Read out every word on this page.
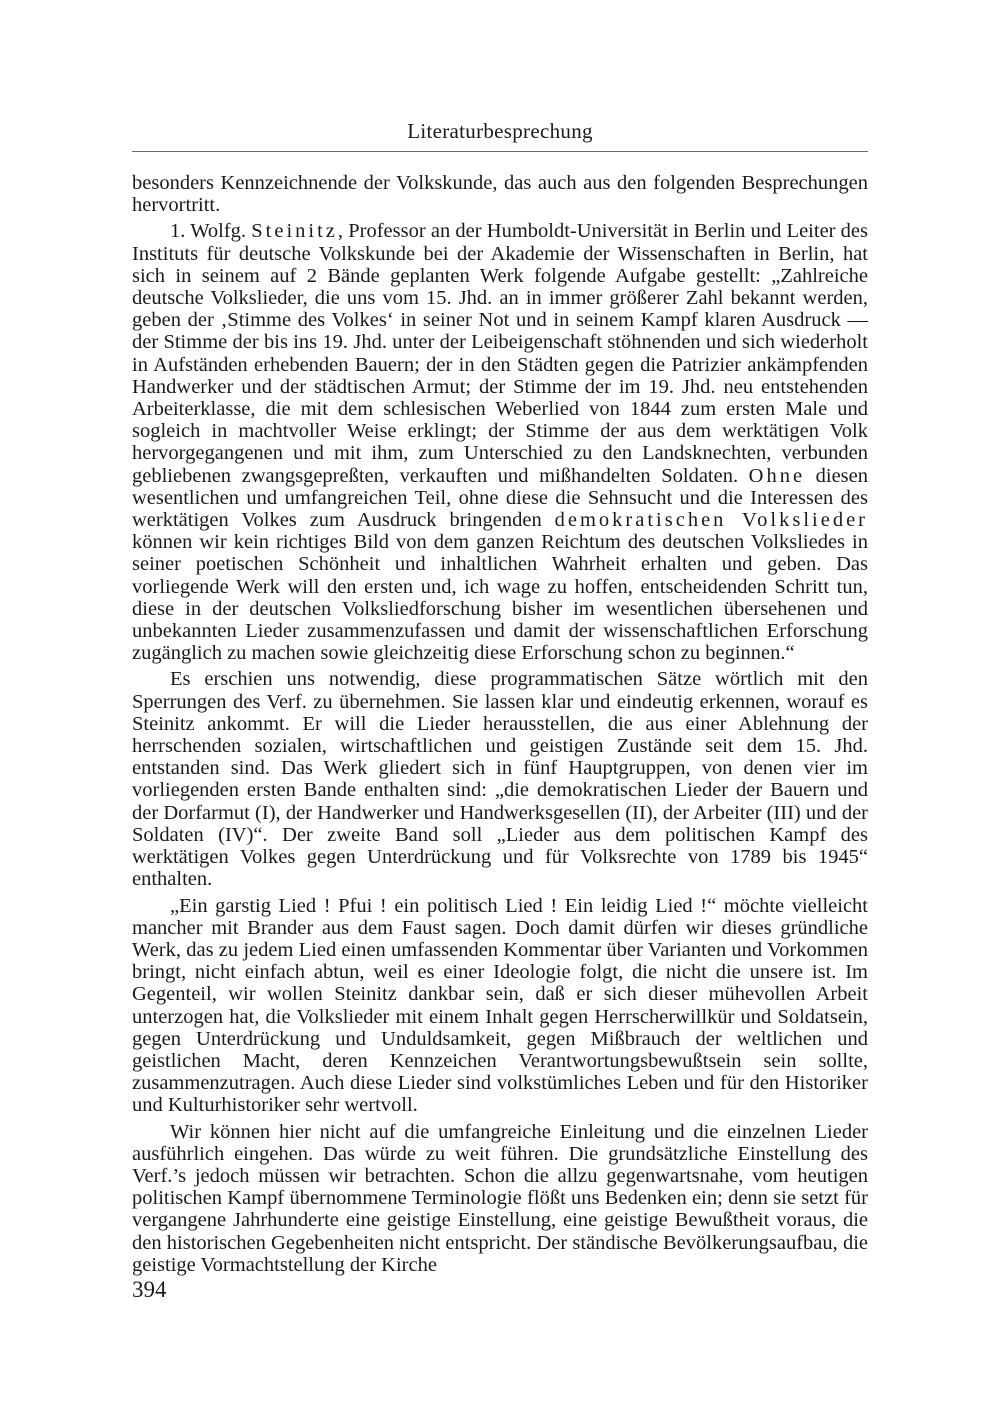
Literaturbesprechung

besonders Kennzeichnende der Volkskunde, das auch aus den folgenden Besprechungen hervortritt.

1. Wolfg. Steinitz, Professor an der Humboldt-Universität in Berlin und Leiter des Instituts für deutsche Volkskunde bei der Akademie der Wissenschaften in Berlin, hat sich in seinem auf 2 Bände geplanten Werk folgende Aufgabe gestellt: „Zahlreiche deutsche Volkslieder, die uns vom 15. Jhd. an in immer größerer Zahl bekannt werden, geben der ‚Stimme des Volkes‘ in seiner Not und in seinem Kampf klaren Ausdruck — der Stimme der bis ins 19. Jhd. unter der Leibeigenschaft stöhnenden und sich wiederholt in Aufständen erhebenden Bauern; der in den Städten gegen die Patrizier ankämpfenden Handwerker und der städtischen Armut; der Stimme der im 19. Jhd. neu entstehenden Arbeiterklasse, die mit dem schlesischen Weberlied von 1844 zum ersten Male und sogleich in machtvoller Weise erklingt; der Stimme der aus dem werktätigen Volk hervorgegangenen und mit ihm, zum Unterschied zu den Landsknechten, verbunden gebliebenen zwangsgepreßten, verkauften und mißhandelten Soldaten. Ohne diesen wesentlichen und umfangreichen Teil, ohne diese die Sehnsucht und die Interessen des werktätigen Volkes zum Ausdruck bringenden demokratischen Volkslieder können wir kein richtiges Bild von dem ganzen Reichtum des deutschen Volksliedes in seiner poetischen Schönheit und inhaltlichen Wahrheit erhalten und geben. Das vorliegende Werk will den ersten und, ich wage zu hoffen, entscheidenden Schritt tun, diese in der deutschen Volksliedforschung bisher im wesentlichen übersehenen und unbekannten Lieder zusammenzufassen und damit der wissenschaftlichen Erforschung zugänglich zu machen sowie gleichzeitig diese Erforschung schon zu beginnen.“

Es erschien uns notwendig, diese programmatischen Sätze wörtlich mit den Sperrungen des Verf. zu übernehmen. Sie lassen klar und eindeutig erkennen, worauf es Steinitz ankommt. Er will die Lieder herausstellen, die aus einer Ablehnung der herrschenden sozialen, wirtschaftlichen und geistigen Zustände seit dem 15. Jhd. entstanden sind. Das Werk gliedert sich in fünf Hauptgruppen, von denen vier im vorliegenden ersten Bande enthalten sind: „die demokratischen Lieder der Bauern und der Dorfarmut (I), der Handwerker und Handwerksgesellen (II), der Arbeiter (III) und der Soldaten (IV)“. Der zweite Band soll „Lieder aus dem politischen Kampf des werktätigen Volkes gegen Unterdrückung und für Volksrechte von 1789 bis 1945“ enthalten.

„Ein garstig Lied ! Pfui ! ein politisch Lied ! Ein leidig Lied !“ möchte vielleicht mancher mit Brander aus dem Faust sagen. Doch damit dürfen wir dieses gründliche Werk, das zu jedem Lied einen umfassenden Kommentar über Varianten und Vorkommen bringt, nicht einfach abtun, weil es einer Ideologie folgt, die nicht die unsere ist. Im Gegenteil, wir wollen Steinitz dankbar sein, daß er sich dieser mühevollen Arbeit unterzogen hat, die Volkslieder mit einem Inhalt gegen Herrscherwillkür und Soldatsein, gegen Unterdrückung und Unduldsamkeit, gegen Mißbrauch der weltlichen und geistlichen Macht, deren Kennzeichen Verantwortungsbewußtsein sein sollte, zusammenzutragen. Auch diese Lieder sind volkstümliches Leben und für den Historiker und Kulturhistoriker sehr wertvoll.

Wir können hier nicht auf die umfangreiche Einleitung und die einzelnen Lieder ausführlich eingehen. Das würde zu weit führen. Die grundsätzliche Einstellung des Verf.’s jedoch müssen wir betrachten. Schon die allzu gegenwartsnahe, vom heutigen politischen Kampf übernommene Terminologie flößt uns Bedenken ein; denn sie setzt für vergangene Jahrhunderte eine geistige Einstellung, eine geistige Bewußtheit voraus, die den historischen Gegebenheiten nicht entspricht. Der ständische Bevölkerungsaufbau, die geistige Vormachtstellung der Kirche

394
